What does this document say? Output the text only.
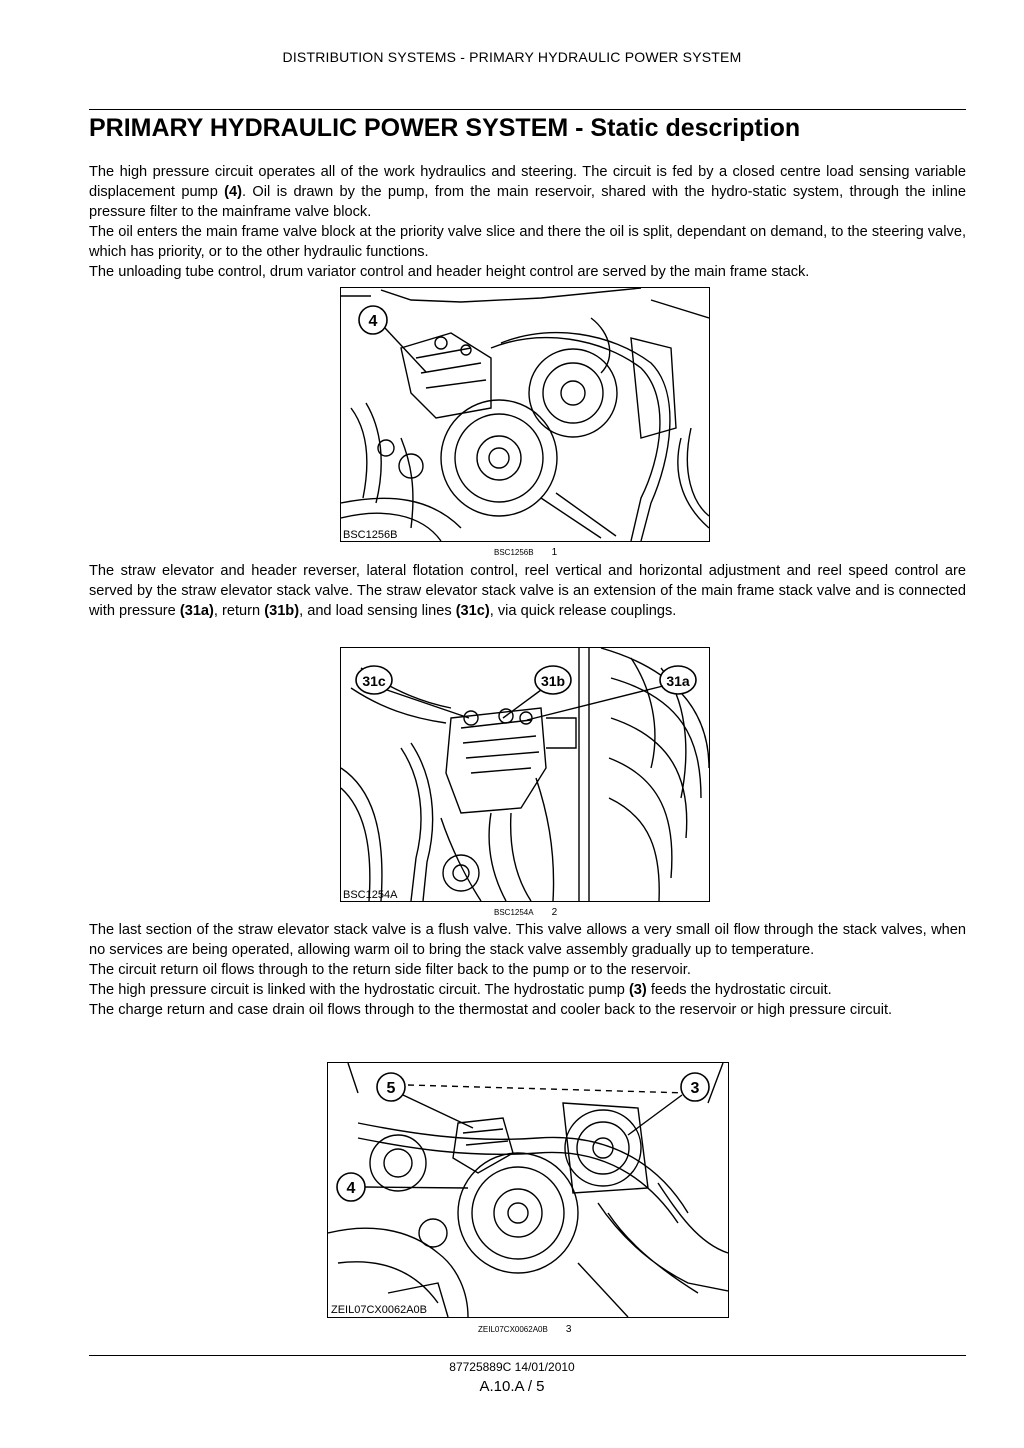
DISTRIBUTION SYSTEMS - PRIMARY HYDRAULIC POWER SYSTEM
PRIMARY HYDRAULIC POWER SYSTEM - Static description

The high pressure circuit operates all of the work hydraulics and steering. The circuit is fed by a closed centre load sensing variable displacement pump (4). Oil is drawn by the pump, from the main reservoir, shared with the hydro-static system, through the inline pressure filter to the mainframe valve block.

The oil enters the main frame valve block at the priority valve slice and there the oil is split, dependant on demand, to the steering valve, which has priority, or to the other hydraulic functions.

The unloading tube control, drum variator control and header height control are served by the main frame stack.

4
BSC1256B
BSC1256B 1

The straw elevator and header reverser, lateral flotation control, reel vertical and horizontal adjustment and reel speed control are served by the straw elevator stack valve. The straw elevator stack valve is an extension of the main frame stack valve and is connected with pressure (31a), return (31b), and load sensing lines (31c), via quick release couplings.

31c	31b	31a
BSC1254A
BSC1254A 2

The last section of the straw elevator stack valve is a flush valve. This valve allows a very small oil flow through the stack valves, when no services are being operated, allowing warm oil to bring the stack valve assembly gradually up to temperature.

The circuit return oil flows through to the return side filter back to the pump or to the reservoir.

The high pressure circuit is linked with the hydrostatic circuit. The hydrostatic pump (3) feeds the hydrostatic circuit.

The charge return and case drain oil flows through to the thermostat and cooler back to the reservoir or high pressure circuit.

5	3
4
ZEIL07CX0062A0B
ZEIL07CX0062A0B 3
87725889C 14/01/2010
A.10.A / 5
